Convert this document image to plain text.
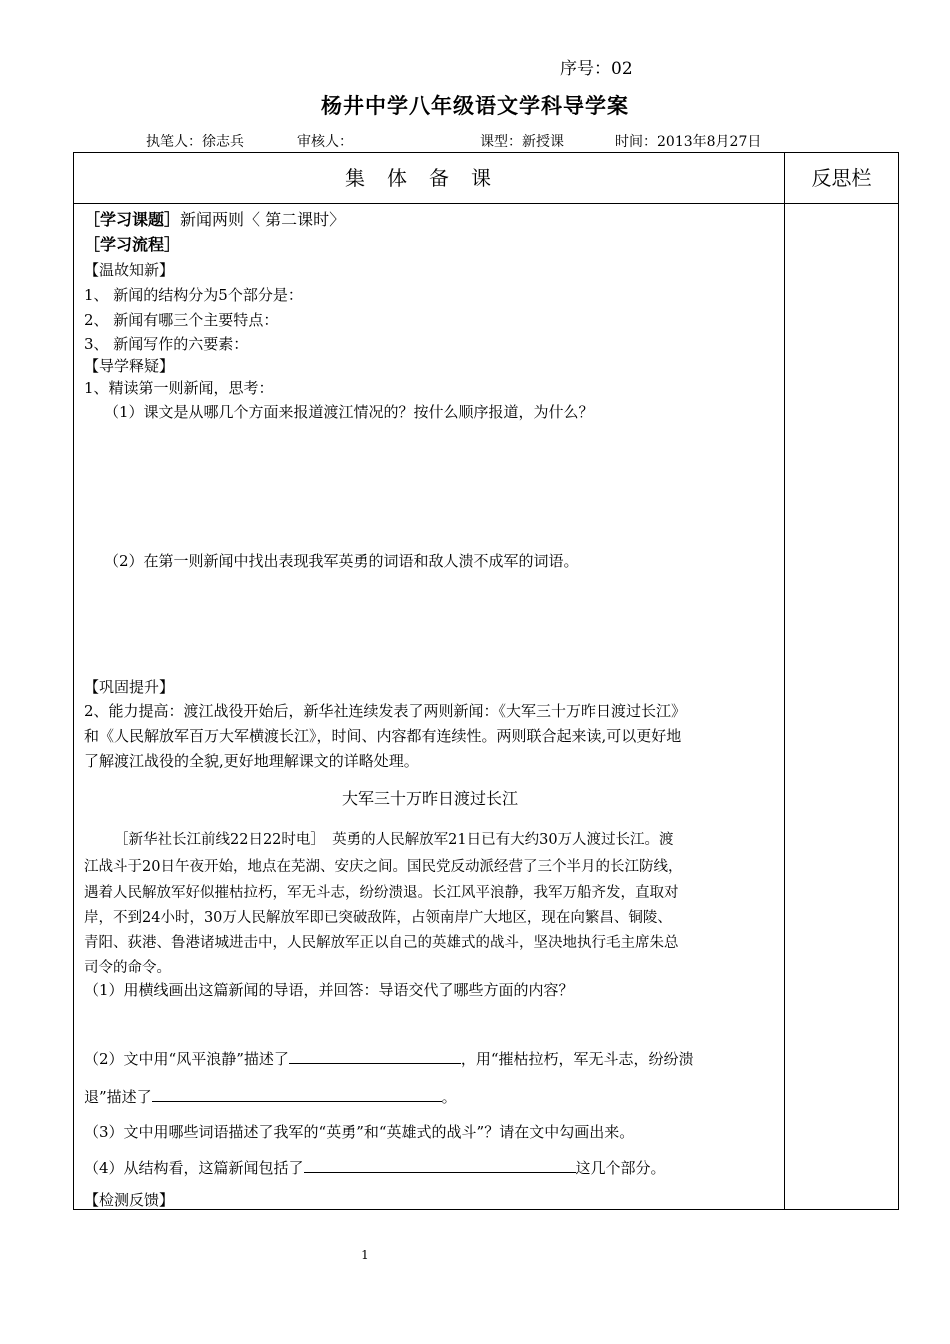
序号：02
杨井中学八年级语文学科导学案
执笔人：徐志兵	审核人：	课型：新授课	时间：2013年8月27日
集体备课	反思栏
［学习课题］新闻两则〈 第二课时〉
［学习流程］
【温故知新】
1、 新闻的结构分为5个部分是：
2、 新闻有哪三个主要特点：
3、 新闻写作的六要素：
【导学释疑】
1、精读第一则新闻，思考：
（1）课文是从哪几个方面来报道渡江情况的？按什么顺序报道，为什么？
（2）在第一则新闻中找出表现我军英勇的词语和敌人溃不成军的词语。
【巩固提升】
2、能力提高：渡江战役开始后，新华社连续发表了两则新闻：《大军三十万昨日渡过长江》
和《人民解放军百万大军横渡长江》，时间、内容都有连续性。两则联合起来读,可以更好地
了解渡江战役的全貌,更好地理解课文的详略处理。
大军三十万昨日渡过长江
［新华社长江前线22日22时电］　英勇的人民解放军21日已有大约30万人渡过长江。渡
江战斗于20日午夜开始，地点在芜湖、安庆之间。国民党反动派经营了三个半月的长江防线，
遇着人民解放军好似摧枯拉朽，军无斗志，纷纷溃退。长江风平浪静，我军万船齐发，直取对
岸，不到24小时，30万人民解放军即已突破敌阵，占领南岸广大地区，现在向繁昌、铜陵、
青阳、荻港、鲁港诸城进击中，人民解放军正以自己的英雄式的战斗，坚决地执行毛主席朱总
司令的命令。
（1）用横线画出这篇新闻的导语，并回答：导语交代了哪些方面的内容？
（2）文中用“风平浪静”描述了	，用“摧枯拉朽，军无斗志，纷纷溃
退”描述了	。
（3）文中用哪些词语描述了我军的“英勇”和“英雄式的战斗”？请在文中勾画出来。
（4）从结构看，这篇新闻包括了	这几个部分。
【检测反馈】
1
